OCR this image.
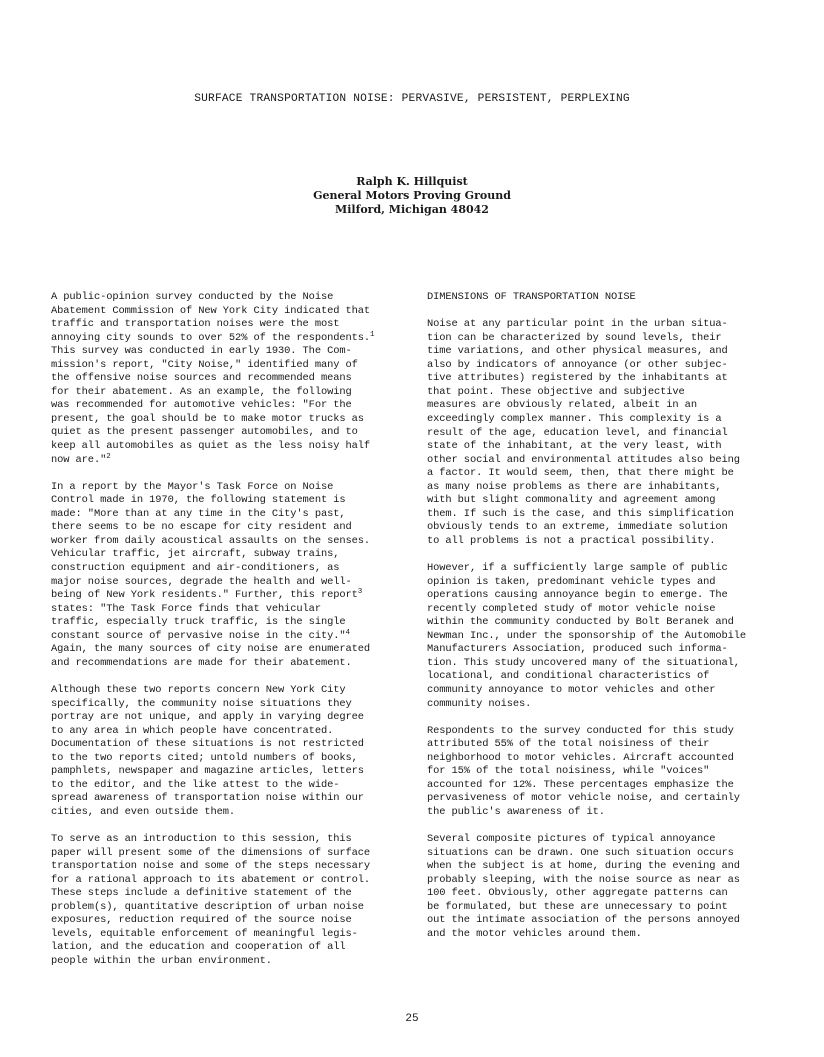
SURFACE TRANSPORTATION NOISE: PERVASIVE, PERSISTENT, PERPLEXING
Ralph K. Hillquist
General Motors Proving Ground
Milford, Michigan 48042
A public-opinion survey conducted by the Noise
Abatement Commission of New York City indicated that
traffic and transportation noises were the most
annoying city sounds to over 52% of the respondents.$^1$
This survey was conducted in early 1930. The Com-
mission's report, "City Noise," identified many of
the offensive noise sources and recommended means
for their abatement. As an example, the following
was recommended for automotive vehicles: "For the
present, the goal should be to make motor trucks as
quiet as the present passenger automobiles, and to
keep all automobiles as quiet as the less noisy half
now are."$^2$
In a report by the Mayor's Task Force on Noise
Control made in 1970, the following statement is
made: "More than at any time in the City's past,
there seems to be no escape for city resident and
worker from daily acoustical assaults on the senses.
Vehicular traffic, jet aircraft, subway trains,
construction equipment and air-conditioners, as
major noise sources, degrade the health and well-
being of New York residents." Further, this report$^3$
states: "The Task Force finds that vehicular
traffic, especially truck traffic, is the single
constant source of pervasive noise in the city."$^4$
Again, the many sources of city noise are enumerated
and recommendations are made for their abatement.
Although these two reports concern New York City
specifically, the community noise situations they
portray are not unique, and apply in varying degree
to any area in which people have concentrated.
Documentation of these situations is not restricted
to the two reports cited; untold numbers of books,
pamphlets, newspaper and magazine articles, letters
to the editor, and the like attest to the wide-
spread awareness of transportation noise within our
cities, and even outside them.
To serve as an introduction to this session, this
paper will present some of the dimensions of surface
transportation noise and some of the steps necessary
for a rational approach to its abatement or control.
These steps include a definitive statement of the
problem(s), quantitative description of urban noise
exposures, reduction required of the source noise
levels, equitable enforcement of meaningful legis-
lation, and the education and cooperation of all
people within the urban environment.
DIMENSIONS OF TRANSPORTATION NOISE
Noise at any particular point in the urban situa-
tion can be characterized by sound levels, their
time variations, and other physical measures, and
also by indicators of annoyance (or other subjec-
tive attributes) registered by the inhabitants at
that point. These objective and subjective
measures are obviously related, albeit in an
exceedingly complex manner. This complexity is a
result of the age, education level, and financial
state of the inhabitant, at the very least, with
other social and environmental attitudes also being
a factor. It would seem, then, that there might be
as many noise problems as there are inhabitants,
with but slight commonality and agreement among
them. If such is the case, and this simplification
obviously tends to an extreme, immediate solution
to all problems is not a practical possibility.
However, if a sufficiently large sample of public
opinion is taken, predominant vehicle types and
operations causing annoyance begin to emerge. The
recently completed study of motor vehicle noise
within the community conducted by Bolt Beranek and
Newman Inc., under the sponsorship of the Automobile
Manufacturers Association, produced such informa-
tion. This study uncovered many of the situational,
locational, and conditional characteristics of
community annoyance to motor vehicles and other
community noises.
Respondents to the survey conducted for this study
attributed 55% of the total noisiness of their
neighborhood to motor vehicles. Aircraft accounted
for 15% of the total noisiness, while "voices"
accounted for 12%. These percentages emphasize the
pervasiveness of motor vehicle noise, and certainly
the public's awareness of it.
Several composite pictures of typical annoyance
situations can be drawn. One such situation occurs
when the subject is at home, during the evening and
probably sleeping, with the noise source as near as
100 feet. Obviously, other aggregate patterns can
be formulated, but these are unnecessary to point
out the intimate association of the persons annoyed
and the motor vehicles around them.
25
